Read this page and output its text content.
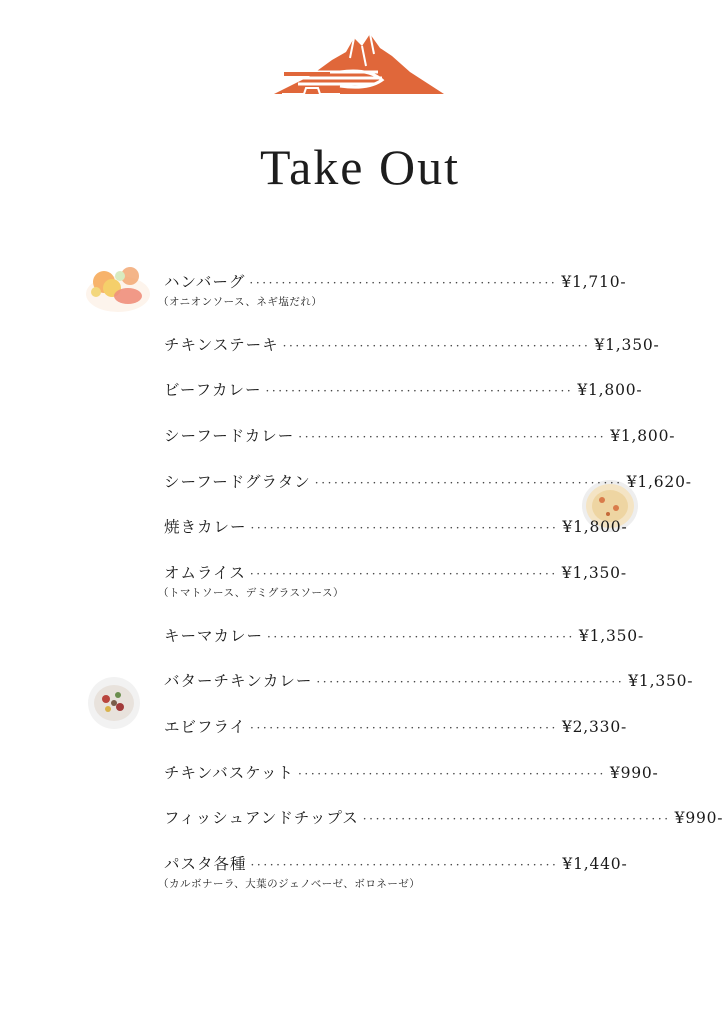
Take Out
ハンバーグ ················································ ¥1,710-
（オニオンソース、ネギ塩だれ）
チキンステーキ ················································ ¥1,350-
ビーフカレー ················································ ¥1,800-
シーフードカレー ················································ ¥1,800-
シーフードグラタン ················································ ¥1,620-
焼きカレー ················································ ¥1,800-
オムライス ················································ ¥1,350-
（トマトソース、デミグラスソース）
キーマカレー ················································ ¥1,350-
バターチキンカレー ················································ ¥1,350-
エビフライ ················································ ¥2,330-
チキンバスケット ················································ ¥990-
フィッシュアンドチップス ················································ ¥990-
パスタ各種 ················································ ¥1,440-
（カルボナーラ、大葉のジェノベーゼ、ボロネーゼ）
